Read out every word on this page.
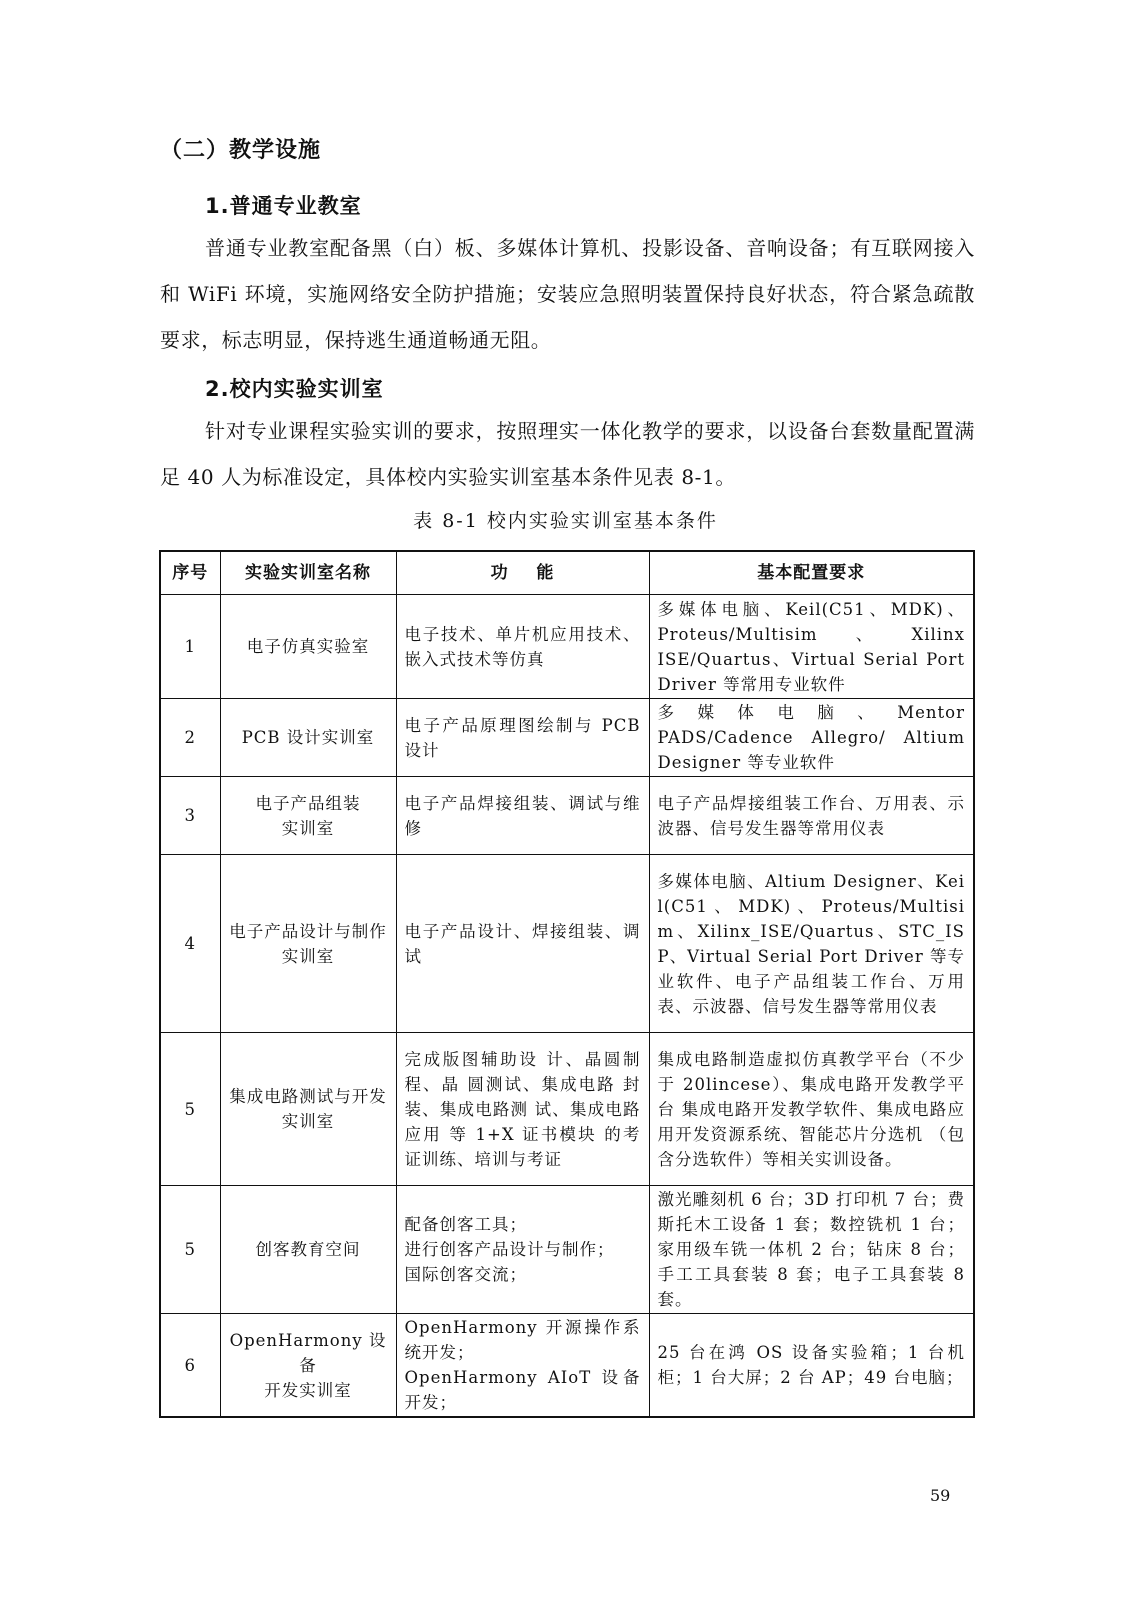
（二）教学设施
1.普通专业教室
普通专业教室配备黑（白）板、多媒体计算机、投影设备、音响设备；有互联网接入和 WiFi 环境，实施网络安全防护措施；安装应急照明装置保持良好状态，符合紧急疏散要求，标志明显，保持逃生通道畅通无阻。
2.校内实验实训室
针对专业课程实验实训的要求，按照理实一体化教学的要求，以设备台套数量配置满足 40 人为标准设定，具体校内实验实训室基本条件见表 8-1。
表 8-1 校内实验实训室基本条件
序号	实验实训室名称	功    能	基本配置要求
1	电子仿真实验室	电子技术、单片机应用技术、嵌入式技术等仿真	多媒体电脑、Keil(C51、MDK)、Proteus/Multisim、Xilinx ISE/Quartus、Virtual Serial Port Driver 等常用专业软件
2	PCB 设计实训室	电子产品原理图绘制与 PCB 设计	多媒体电脑、Mentor PADS/Cadence Allegro/ Altium Designer 等专业软件
3	电子产品组装
实训室	电子产品焊接组装、调试与维修	电子产品焊接组装工作台、万用表、示波器、信号发生器等常用仪表
4	电子产品设计与制作实训室	电子产品设计、焊接组装、调试	多媒体电脑、Altium Designer、Keil(C51、MDK)、Proteus/Multisim、Xilinx_ISE/Quartus、STC_ISP、Virtual Serial Port Driver 等专业软件、电子产品组装工作台、万用表、示波器、信号发生器等常用仪表
5	集成电路测试与开发实训室	完成版图辅助设 计、晶圆制程、晶 圆测试、集成电路 封装、集成电路测 试、集成电路应用 等 1+X 证书模块 的考证训练、培训与考证	集成电路制造虚拟仿真教学平台（不少于 20lincese）、集成电路开发教学平 台 集成电路开发教学软件、集成电路应 用开发资源系统、智能芯片分选机 （包含分选软件）等相关实训设备。
5	创客教育空间	配备创客工具；
进行创客产品设计与制作；
国际创客交流；	激光雕刻机 6 台；3D 打印机 7 台；费斯托木工设备 1 套；数控铣机 1 台；家用级车铣一体机 2 台；钻床 8 台；手工工具套装 8 套；电子工具套装 8 套。
6	OpenHarmony 设备
开发实训室	OpenHarmony 开源操作系统开发；
OpenHarmony AIoT 设备开发；	25 台在鸿 OS 设备实验箱；1 台机柜；1 台大屏；2 台 AP；49 台电脑；
59
